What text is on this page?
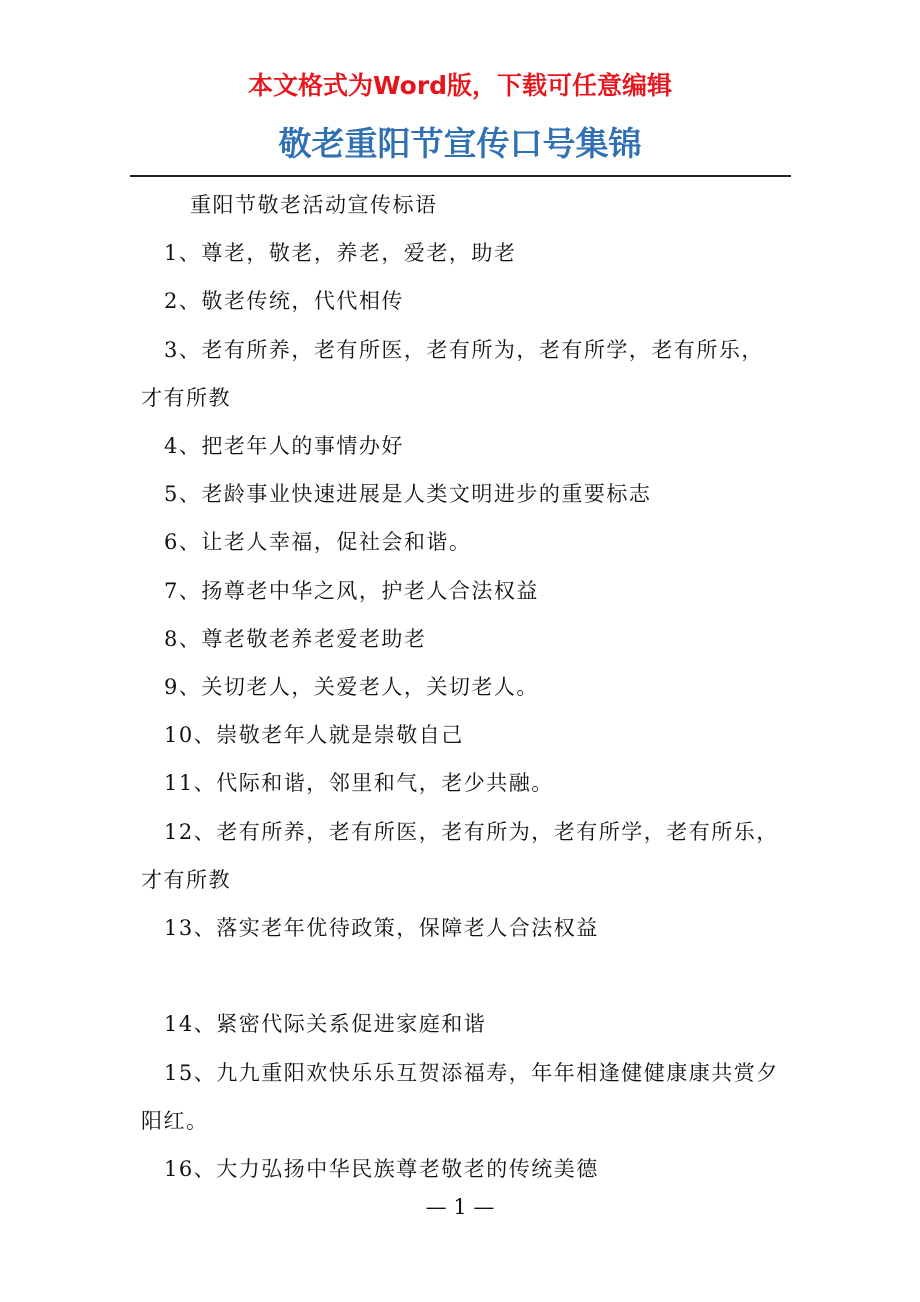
本文格式为Word版，下载可任意编辑
敬老重阳节宣传口号集锦

重阳节敬老活动宣传标语

1、尊老，敬老，养老，爱老，助老

2、敬老传统，代代相传

3、老有所养，老有所医，老有所为，老有所学，老有所乐，才有所教

4、把老年人的事情办好

5、老龄事业快速进展是人类文明进步的重要标志

6、让老人幸福，促社会和谐。

7、扬尊老中华之风，护老人合法权益

8、尊老敬老养老爱老助老

9、关切老人，关爱老人，关切老人。

10、崇敬老年人就是崇敬自己

11、代际和谐，邻里和气，老少共融。

12、老有所养，老有所医，老有所为，老有所学，老有所乐，才有所教

13、落实老年优待政策，保障老人合法权益

14、紧密代际关系促进家庭和谐

15、九九重阳欢快乐乐互贺添福寿，年年相逢健健康康共赏夕阳红。

16、大力弘扬中华民族尊老敬老的传统美德

— 1 —
